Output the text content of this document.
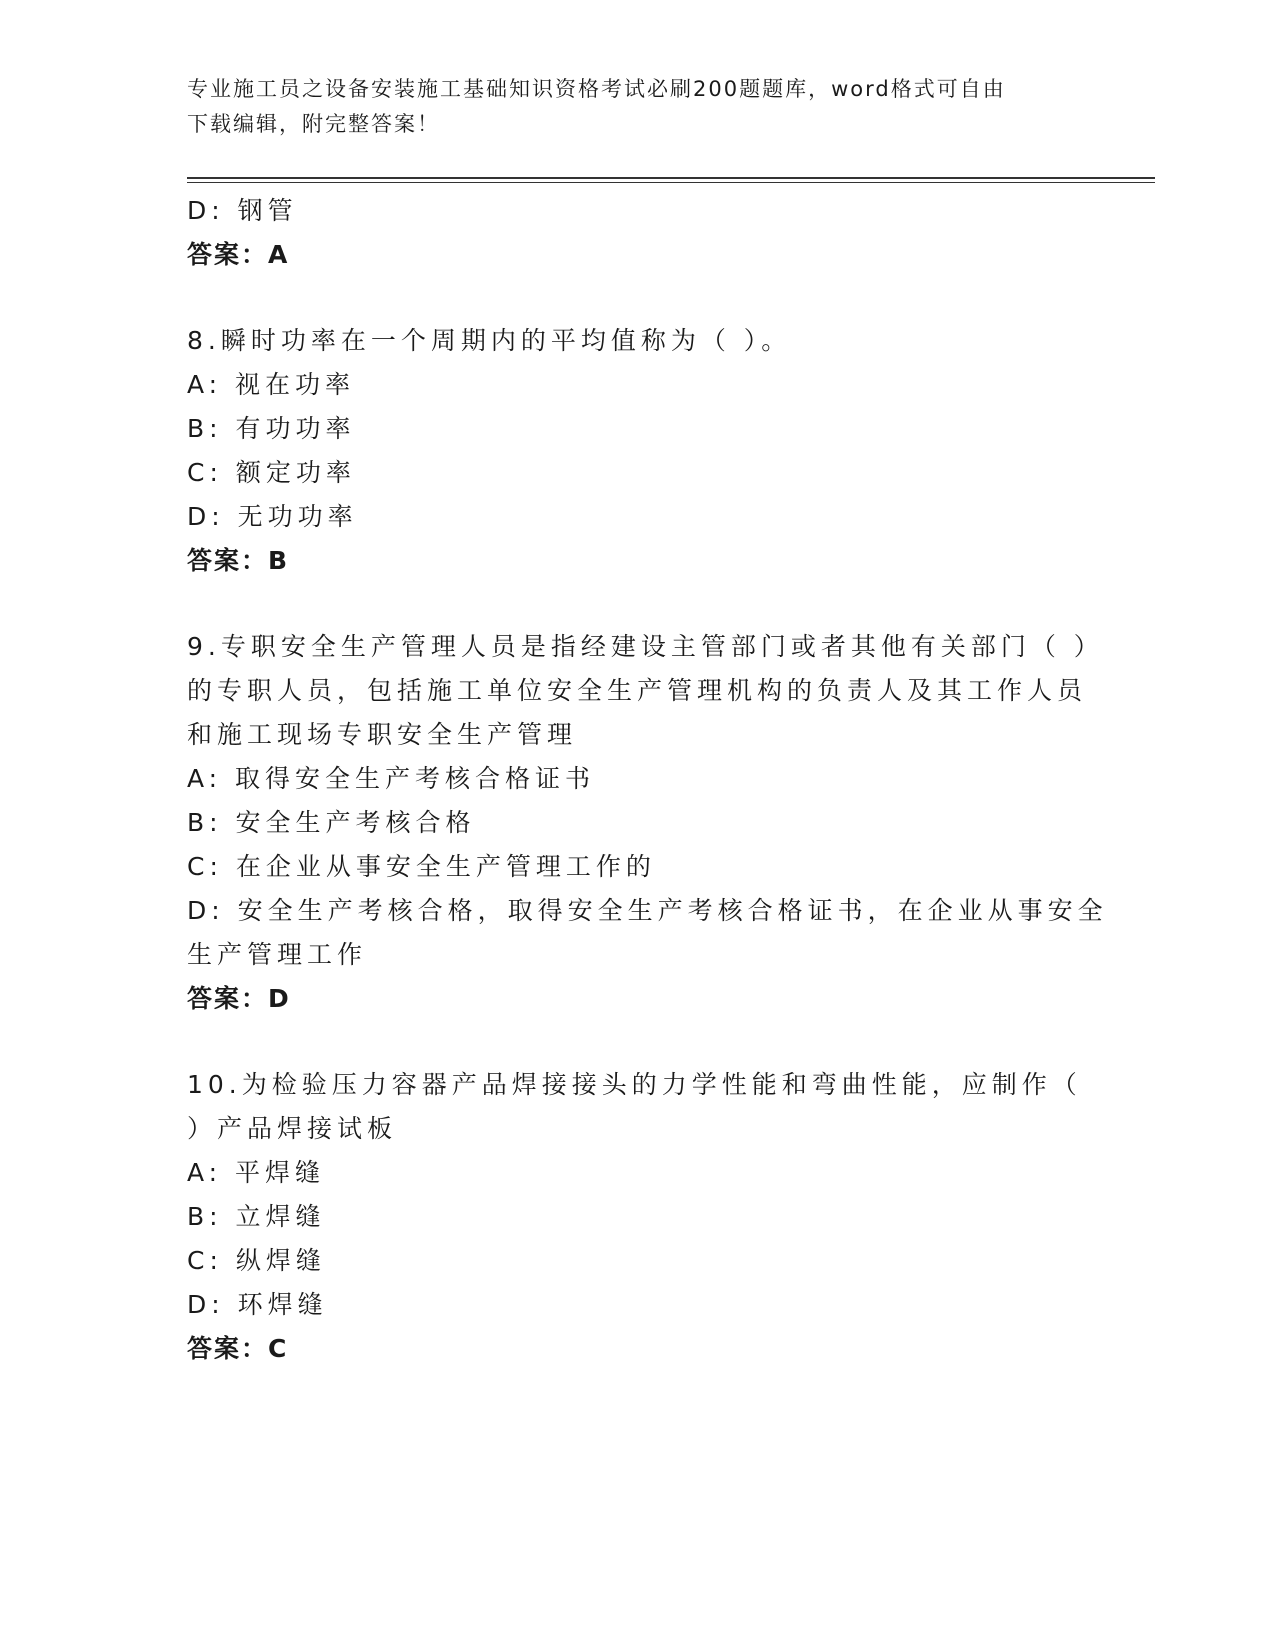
专业施工员之设备安装施工基础知识资格考试必刷200题题库，word格式可自由
下载编辑，附完整答案！
D: 钢管
答案：A
8.瞬时功率在一个周期内的平均值称为（ ）。
A: 视在功率
B: 有功功率
C: 额定功率
D: 无功功率
答案：B
9.专职安全生产管理人员是指经建设主管部门或者其他有关部门（ ）
的专职人员，包括施工单位安全生产管理机构的负责人及其工作人员
和施工现场专职安全生产管理
A: 取得安全生产考核合格证书
B: 安全生产考核合格
C: 在企业从事安全生产管理工作的
D: 安全生产考核合格，取得安全生产考核合格证书，在企业从事安全
生产管理工作
答案：D
10.为检验压力容器产品焊接接头的力学性能和弯曲性能，应制作（
）产品焊接试板
A: 平焊缝
B: 立焊缝
C: 纵焊缝
D: 环焊缝
答案：C
